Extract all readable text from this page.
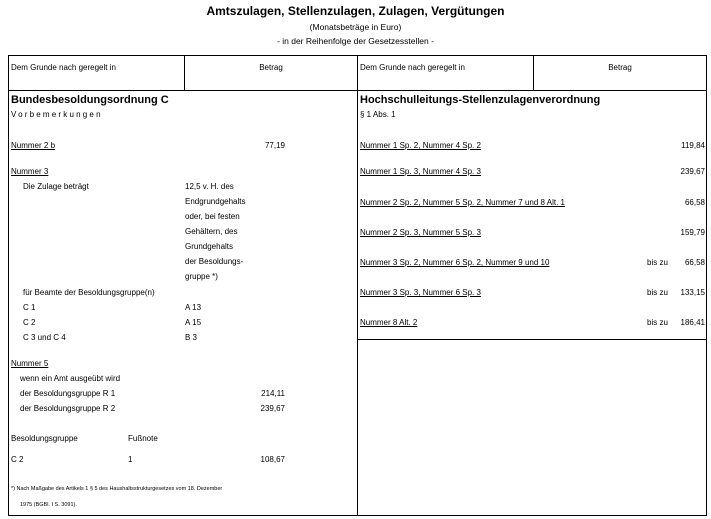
Amtszulagen, Stellenzulagen, Zulagen, Vergütungen
(Monatsbeträge in Euro)
- in der Reihenfolge der Gesetzesstellen -
Dem Grunde nach geregelt in	Betrag	Dem Grunde nach geregelt in	Betrag
Bundesbesoldungsordnung C
Vorbemerkungen
Nummer 2 b	77,19
Nummer 3
Die Zulage beträgt	12,5 v. H. des
Endgrundgehalts
oder, bei festen
Gehältern, des
Grundgehalts
der Besoldungs-
gruppe *)
für Beamte der Besoldungsgruppe(n)
C 1	A 13
C 2	A 15
C 3 und C 4	B 3
Nummer 5
wenn ein Amt ausgeübt wird
der Besoldungsgruppe R 1	214,11
der Besoldungsgruppe R 2	239,67
Besoldungsgruppe	Fußnote
C 2	1	108,67
*) Nach Maßgabe des Artikels 1 § 5 des Haushaltsstrukturgesetzes vom 18. Dezember
1975 (BGBl. I S. 3091).
Hochschulleitungs-Stellenzulagenverordnung
§ 1 Abs. 1
Nummer 1 Sp. 2, Nummer 4 Sp. 2	119,84
Nummer 1 Sp. 3, Nummer 4 Sp. 3	239,67
Nummer 2 Sp. 2, Nummer 5 Sp. 2, Nummer 7 und 8 Alt. 1	66,58
Nummer 2 Sp. 3, Nummer 5 Sp. 3	159,79
Nummer 3 Sp. 2, Nummer 6 Sp. 2, Nummer 9 und 10	bis zu	66,58
Nummer 3 Sp. 3, Nummer 6 Sp. 3	bis zu	133,15
Nummer 8 Alt. 2	bis zu	186,41
